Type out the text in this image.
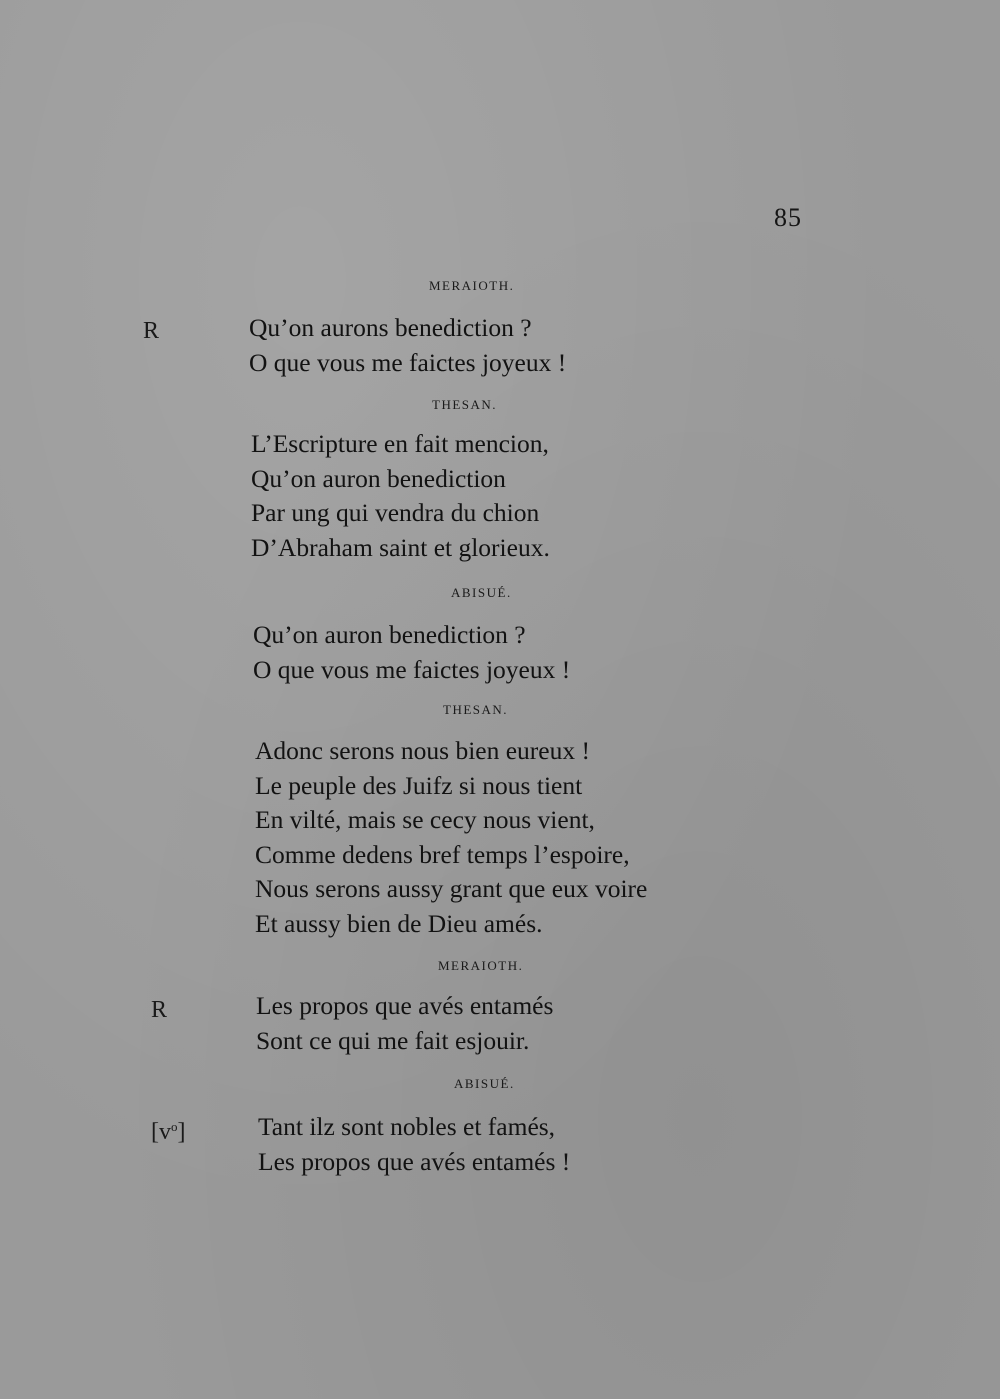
85
MERAIOTH.
R	Qu’on aurons benediction ?
O que vous me faictes joyeux !
THESAN.
L’Escripture en fait mencion,
Qu’on auron benediction
Par ung qui vendra du chion
D’Abraham saint et glorieux.
ABISUÉ.
Qu’on auron benediction ?
O que vous me faictes joyeux !
THESAN.
Adonc serons nous bien eureux !
Le peuple des Juifz si nous tient
En vilté, mais se cecy nous vient,
Comme dedens bref temps l’espoire,
Nous serons aussy grant que eux voire
Et aussy bien de Dieu amés.
MERAIOTH.
R	Les propos que avés entamés
Sont ce qui me fait esjouir.
ABISUÉ.
$[v^o]$	Tant ilz sont nobles et famés,
Les propos que avés entamés !
